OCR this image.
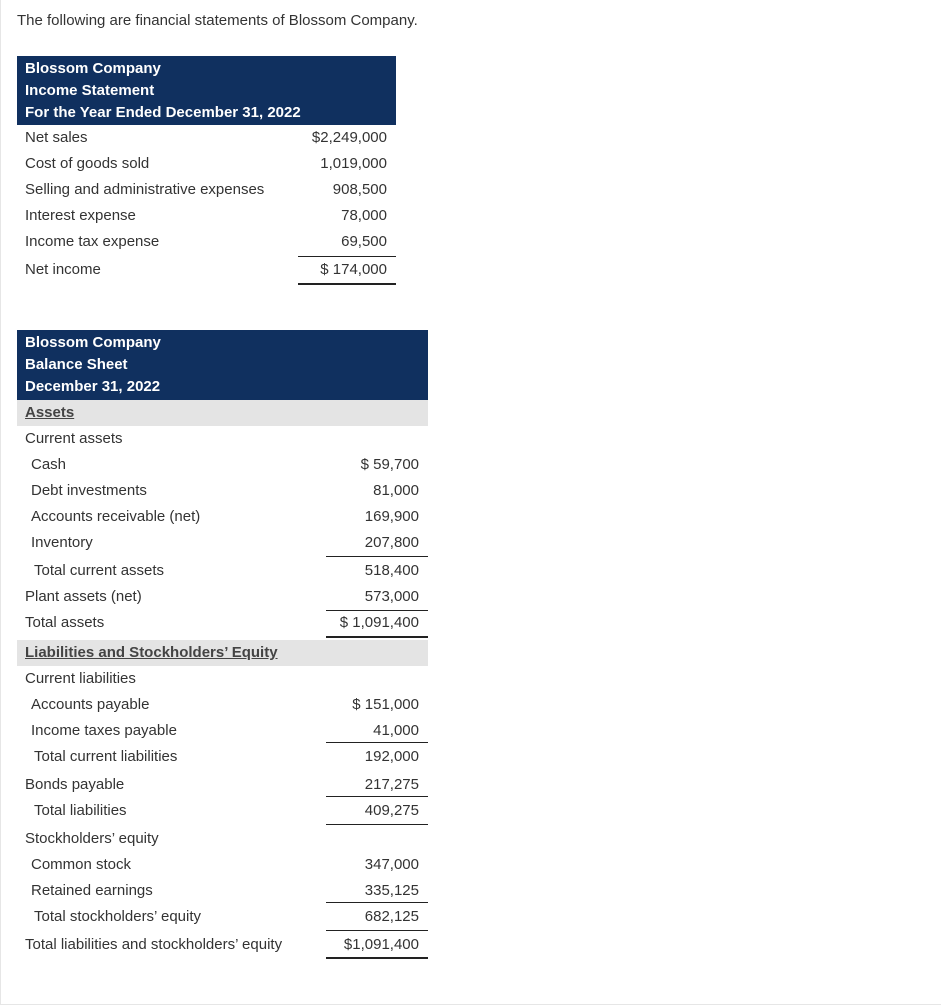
The following are financial statements of Blossom Company.
Blossom Company
Income Statement
For the Year Ended December 31, 2022
Net sales	$2,249,000
Cost of goods sold	1,019,000
Selling and administrative expenses	908,500
Interest expense	78,000
Income tax expense	69,500
Net income	$ 174,000
Blossom Company
Balance Sheet
December 31, 2022
Assets
Current assets
Cash	$ 59,700
Debt investments	81,000
Accounts receivable (net)	169,900
Inventory	207,800
Total current assets	518,400
Plant assets (net)	573,000
Total assets	$ 1,091,400
Liabilities and Stockholders’ Equity
Current liabilities
Accounts payable	$ 151,000
Income taxes payable	41,000
Total current liabilities	192,000
Bonds payable	217,275
Total liabilities	409,275
Stockholders’ equity
Common stock	347,000
Retained earnings	335,125
Total stockholders’ equity	682,125
Total liabilities and stockholders’ equity	$1,091,400
